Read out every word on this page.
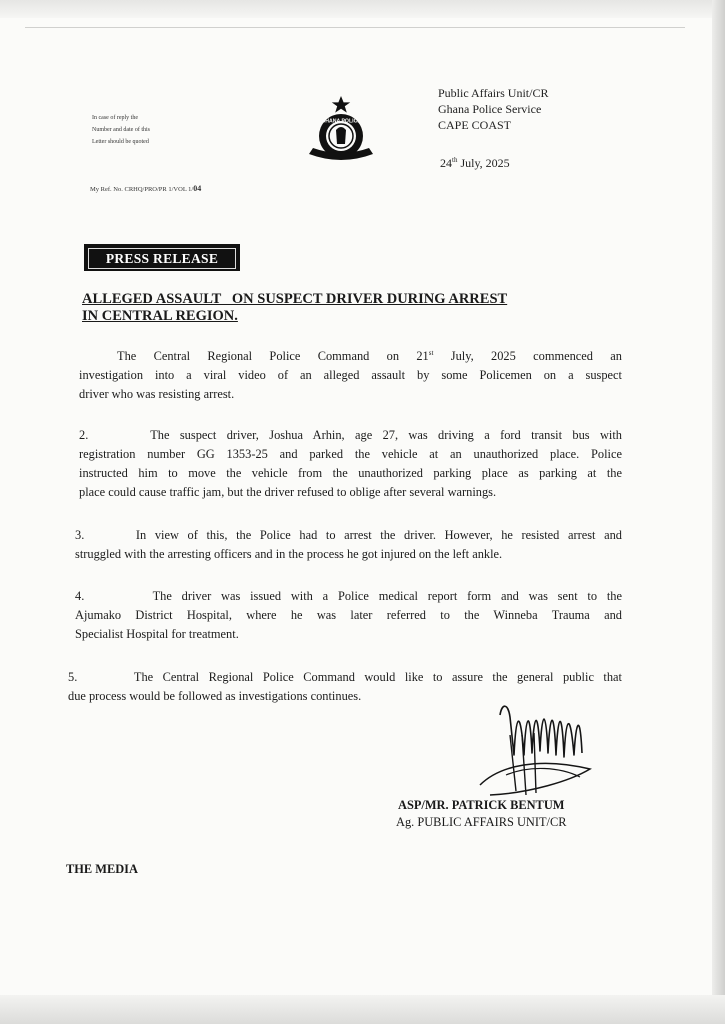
In case of reply the
Number and date of this
Letter should be quoted
My Ref. No. CRHQ/PRO/PR 1/VOL 1/04
GHANA POLICE
Public Affairs Unit/CR
Ghana Police Service
CAPE COAST
24th July, 2025
PRESS RELEASE
ALLEGED ASSAULT   ON SUSPECT DRIVER DURING ARREST
IN CENTRAL REGION.
The Central Regional Police Command on 21st July, 2025 commenced an
investigation into a viral video of an alleged assault by some Policemen on a suspect
driver who was resisting arrest.
2.      The suspect driver, Joshua Arhin, age 27, was driving a ford transit bus with
registration number GG 1353-25 and parked the vehicle at an unauthorized place. Police
instructed him to move the vehicle from the unauthorized parking place as parking at the
place could cause traffic jam, but the driver refused to oblige after several warnings.
3.      In view of this, the Police had to arrest the driver. However, he resisted arrest and
struggled with the arresting officers and in the process he got injured on the left ankle.
4.       The driver was issued with a Police medical report form and was sent to the
Ajumako District Hospital, where he was later referred to the Winneba Trauma and
Specialist Hospital for treatment.
5.      The Central Regional Police Command would like to assure the general public that
due process would be followed as investigations continues.
ASP/MR. PATRICK BENTUM
Ag. PUBLIC AFFAIRS UNIT/CR
THE MEDIA
